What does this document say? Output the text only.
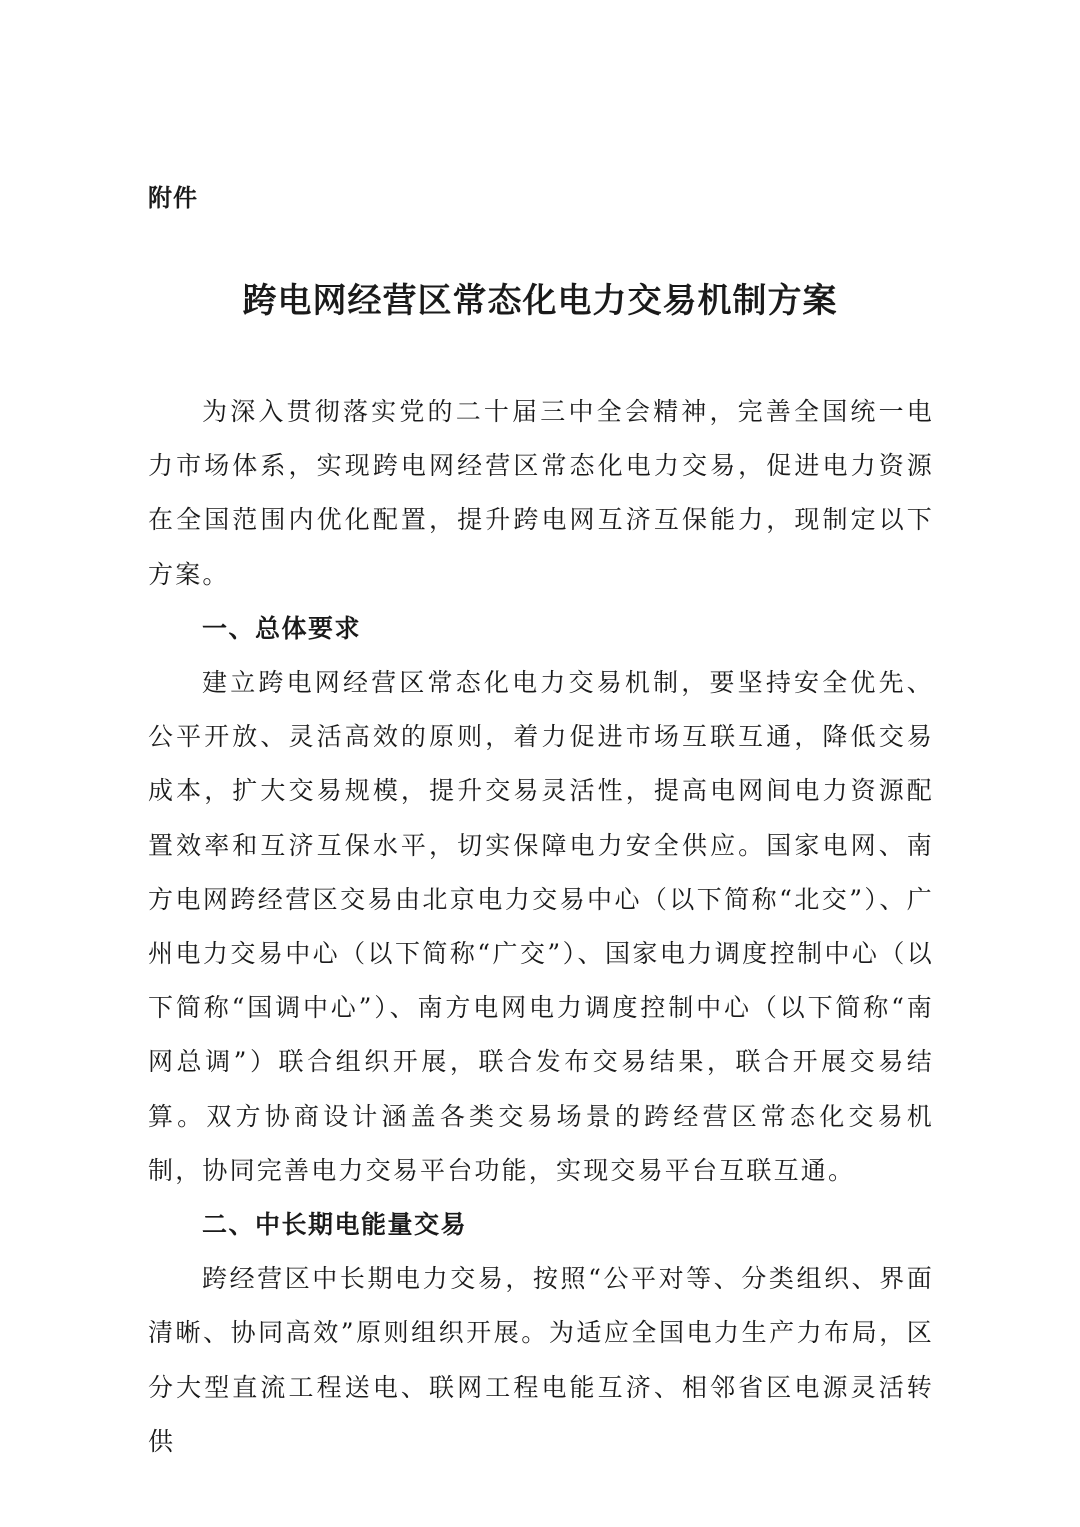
附件
跨电网经营区常态化电力交易机制方案

为深入贯彻落实党的二十届三中全会精神，完善全国统一电力市场体系，实现跨电网经营区常态化电力交易，促进电力资源在全国范围内优化配置，提升跨电网互济互保能力，现制定以下方案。

一、总体要求

建立跨电网经营区常态化电力交易机制，要坚持安全优先、公平开放、灵活高效的原则，着力促进市场互联互通，降低交易成本，扩大交易规模，提升交易灵活性，提高电网间电力资源配置效率和互济互保水平，切实保障电力安全供应。国家电网、南方电网跨经营区交易由北京电力交易中心（以下简称“北交”）、广州电力交易中心（以下简称“广交”）、国家电力调度控制中心（以下简称“国调中心”）、南方电网电力调度控制中心（以下简称“南网总调”）联合组织开展，联合发布交易结果，联合开展交易结算。双方协商设计涵盖各类交易场景的跨经营区常态化交易机制，协同完善电力交易平台功能，实现交易平台互联互通。

二、中长期电能量交易

跨经营区中长期电力交易，按照“公平对等、分类组织、界面清晰、协同高效”原则组织开展。为适应全国电力生产力布局，区分大型直流工程送电、联网工程电能互济、相邻省区电源灵活转供
